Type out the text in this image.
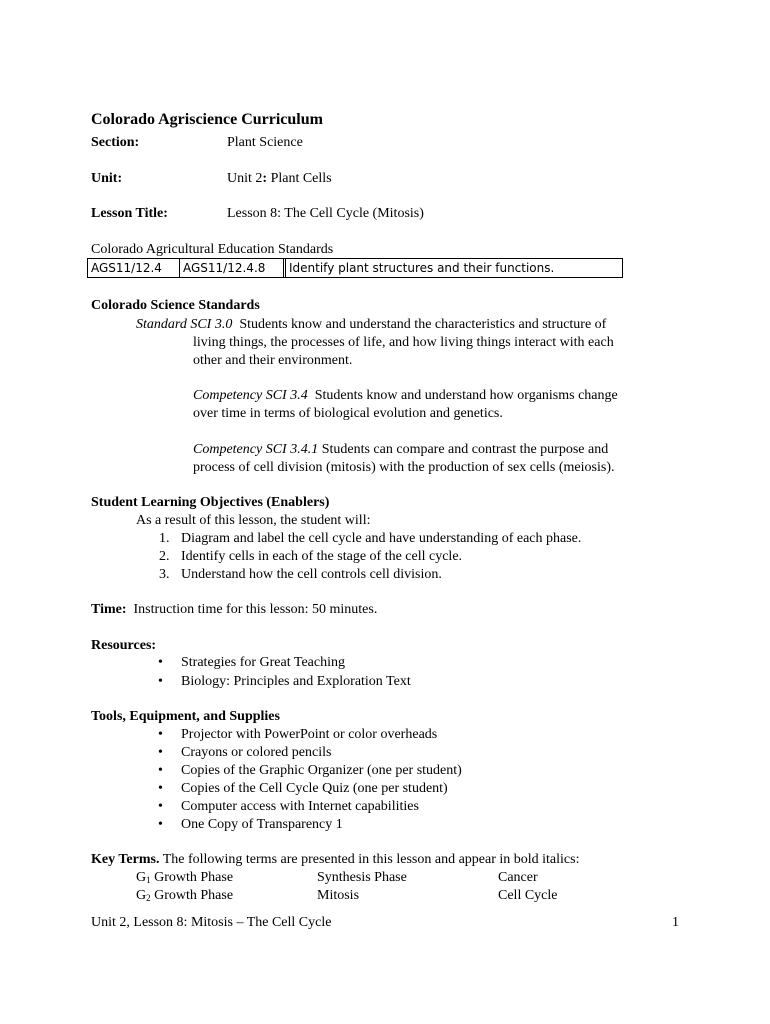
Colorado Agriscience Curriculum
Section:	Plant Science
Unit:	Unit 2: Plant Cells
Lesson Title:	Lesson 8: The Cell Cycle (Mitosis)
Colorado Agricultural Education Standards
AGS11/12.4	AGS11/12.4.8		Identify plant structures and their functions.
Colorado Science Standards
Standard SCI 3.0 Students know and understand the characteristics and structure of
living things, the processes of life, and how living things interact with each
other and their environment.
Competency SCI 3.4 Students know and understand how organisms change
over time in terms of biological evolution and genetics.
Competency SCI 3.4.1 Students can compare and contrast the purpose and
process of cell division (mitosis) with the production of sex cells (meiosis).
Student Learning Objectives (Enablers)
As a result of this lesson, the student will:
1. Diagram and label the cell cycle and have understanding of each phase.
2. Identify cells in each of the stage of the cell cycle.
3. Understand how the cell controls cell division.
Time: Instruction time for this lesson: 50 minutes.
Resources:
• Strategies for Great Teaching
• Biology: Principles and Exploration Text
Tools, Equipment, and Supplies
• Projector with PowerPoint or color overheads
• Crayons or colored pencils
• Copies of the Graphic Organizer (one per student)
• Copies of the Cell Cycle Quiz (one per student)
• Computer access with Internet capabilities
• One Copy of Transparency 1
Key Terms. The following terms are presented in this lesson and appear in bold italics:
$G_1$ Growth Phase	Synthesis Phase	Cancer
$G_2$ Growth Phase	Mitosis	Cell Cycle
Unit 2, Lesson 8: Mitosis – The Cell Cycle	1
